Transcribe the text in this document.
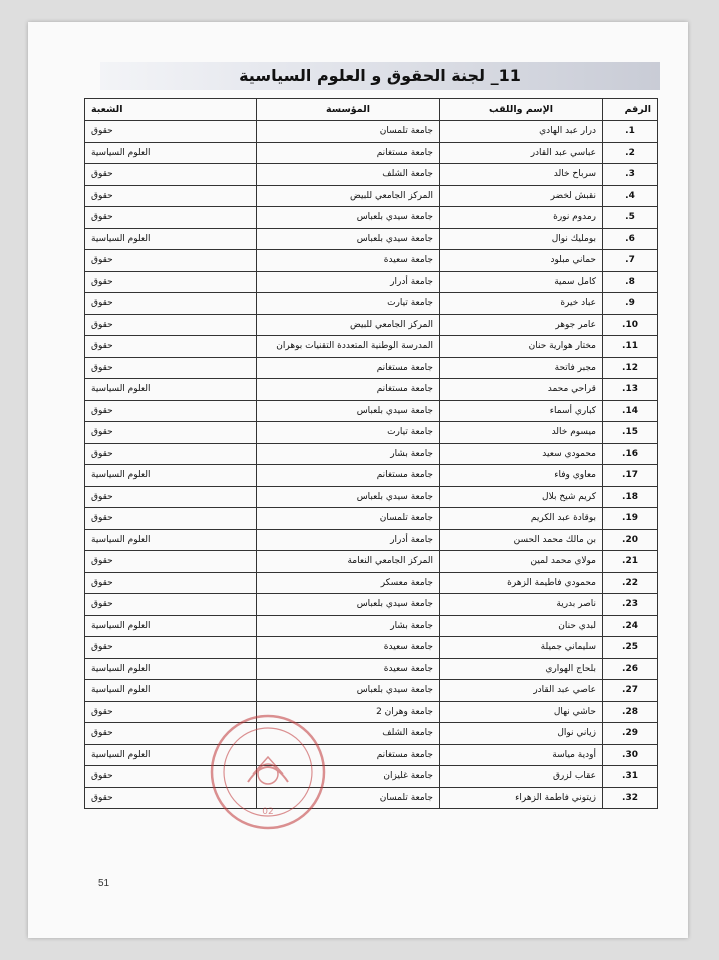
11_ لجنة الحقوق و العلوم السياسية
الرقم	الإسم واللقب	المؤسسة	الشعبة
1.	درار عبد الهادي	جامعة تلمسان	حقوق
2.	عباسي عبد القادر	جامعة مستغانم	العلوم السياسية
3.	سرباح خالد	جامعة الشلف	حقوق
4.	نقبش لخضر	المركز الجامعي للبيض	حقوق
5.	رمدوم نورة	جامعة سيدي بلعباس	حقوق
6.	بومليك نوال	جامعة سيدي بلعباس	العلوم السياسية
7.	حماني مبلود	جامعة سعيدة	حقوق
8.	كامل سمية	جامعة أدرار	حقوق
9.	عباد خيرة	جامعة تيارت	حقوق
10.	عامر جوهر	المركز الجامعي للبيض	حقوق
11.	مختار هوارية حنان	المدرسة الوطنية المتعددة التقنيات بوهران	حقوق
12.	مجبر فاتحة	جامعة مستغانم	حقوق
13.	قراحي محمد	جامعة مستغانم	العلوم السياسية
14.	كباري أسماء	جامعة سيدي بلعباس	حقوق
15.	ميسوم خالد	جامعة تيارت	حقوق
16.	محمودي سعيد	جامعة بشار	حقوق
17.	معاوي وفاء	جامعة مستغانم	العلوم السياسية
18.	كريم شيخ بلال	جامعة سيدي بلعباس	حقوق
19.	بوقادة عبد الكريم	جامعة تلمسان	حقوق
20.	بن مالك محمد الحسن	جامعة أدرار	العلوم السياسية
21.	مولاي محمد لمين	المركز الجامعي النعامة	حقوق
22.	محمودي فاطيمة الزهرة	جامعة معسكر	حقوق
23.	ناصر بدرية	جامعة سيدي بلعباس	حقوق
24.	لبدي حنان	جامعة بشار	العلوم السياسية
25.	سليماني جميلة	جامعة سعيدة	حقوق
26.	بلحاج الهواري	جامعة سعيدة	العلوم السياسية
27.	عاصي عبد القادر	جامعة سيدي بلعباس	العلوم السياسية
28.	حاشي نهال	جامعة وهران 2	حقوق
29.	زياني نوال	جامعة الشلف	حقوق
30.	أودية مياسة	جامعة مستغانم	العلوم السياسية
31.	عقاب لزرق	جامعة غليزان	حقوق
32.	زيتوني فاطمة الزهراء	جامعة تلمسان	حقوق
02
51
